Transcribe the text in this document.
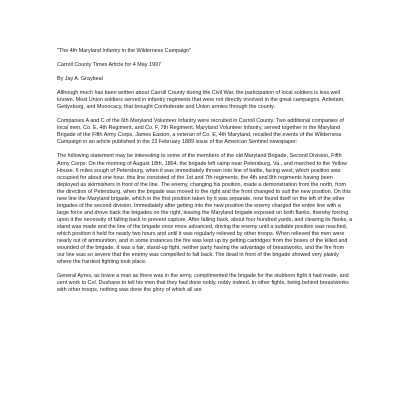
"The 4th Maryland Infantry in the Wilderness Campaign"

Carroll County Times Article for 4 May 1997

By Jay A. Graybeal

Although much has been written about Carroll County during the Civil War, the participation of local soldiers is less well known. Most Union soldiers served in infantry regiments that were not directly involved in the great campaigns, Antietam, Gettysburg, and Monocacy, that brought Confederate and Union armies through the county.

Companies A and C of the 6th Maryland Volunteer Infantry were recruited in Carroll County. Two additional companies of local men, Co. E, 4th Regiment, and Co. F, 7th Regiment, Maryland Volunteer Infantry, served together in the Maryland Brigade of the Fifth Army Corps. James Easton, a veteran of Co. E, 4th Maryland, recalled the events of the Wilderness Campaign in an article published in the 23 February 1889 issue of the American Sentinel newspaper:

The following statement may be interesting to some of the members of the old Maryland Brigade, Second Division, Fifth Army Corps: On the morning of August 18th, 1864, the brigade left camp near Petersburg, Va., and marched to the Yellow House, 6 miles sough of Petersburg, when it was immediately thrown into line of battle, facing west, which position was occupied for about one hour. this line consisted of the 1st and 7th regiments, the 4th and 8th regiments having been deployed as skirmishers in front of the line. The enemy, changing his position, made a demonstration from the north, from the direction of Petersburg, when the brigade was moved to the right and the front changed to suit the new position. On this new line the Maryland brigade, which in the first position taken by it was separate, now found itself on the left of the other brigades of the second division. Immediately after getting into the new position the enemy charged the entire line with a large force and drove back the brigades on the right, leaving the Maryland brigade exposed on both flanks, thereby forcing upon it the necessity of falling back to prevent capture. After falling back, about four hundred yards, and clearing its flanks, a stand was made and the line of the brigade once more advanced, driving the enemy until a suitable position was reached, which position it held for nearly two hours and until it was regularly relieved by other troops. When relieved the men were nearly out of ammunition, and in some instances the fire was kept up by getting cartridges from the boxes of the killed and wounded of the brigade. It was a fair, stand-up fight, neither party having the advantage of breastworks, and the fire from our line was so severe that the enemy was compelled to fall back. The dead in front of the brigade showed very plainly where the hardest fighting took place.

General Ayres, as brave a man as there was in the army, complimented the brigade for the stubborn fight it had made, and sent work to Col. Dushane to tell his men that they had done nobly, nobly indeed. In other fights, being behind breastworks with other troops, nothing was done the glory of which all are
